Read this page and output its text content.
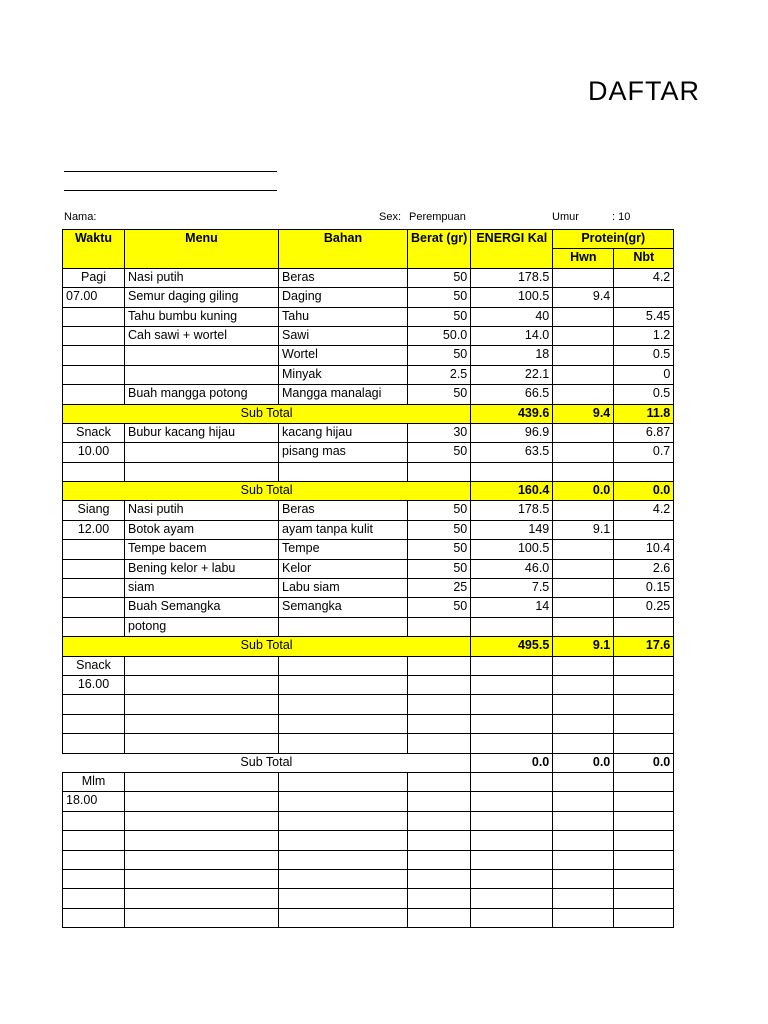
DAFTAR
Nama:	Sex: Perempuan	Umur	: 10
Waktu	Menu	Bahan	Berat (gr)	ENERGI Kal	Protein(gr)	
					Hwn	Nbt
Pagi	Nasi putih	Beras	50	178.5		4.2
07.00	Semur daging giling	Daging	50	100.5	9.4	
	Tahu bumbu kuning	Tahu	50	40		5.45
	Cah sawi + wortel	Sawi	50.0	14.0		1.2
		Wortel	50	18		0.5
		Minyak	2.5	22.1		0
	Buah mangga potong	Mangga manalagi	50	66.5		0.5
Sub Total				439.6	9.4	11.8
Snack	Bubur kacang hijau	kacang hijau	30	96.9		6.87
10.00		pisang mas	50	63.5		0.7

Sub Total				160.4	0.0	0.0
Siang	Nasi putih	Beras	50	178.5		4.2
12.00	Botok ayam	ayam tanpa kulit	50	149	9.1	
	Tempe bacem	Tempe	50	100.5		10.4
	Bening kelor + labu	Kelor	50	46.0		2.6
	siam	Labu siam	25	7.5		0.15
	Buah Semangka	Semangka	50	14		0.25
	potong					
Sub Total				495.5	9.1	17.6
Snack						
16.00						

Sub Total				0.0	0.0	0.0
Mlm						
18.00						
